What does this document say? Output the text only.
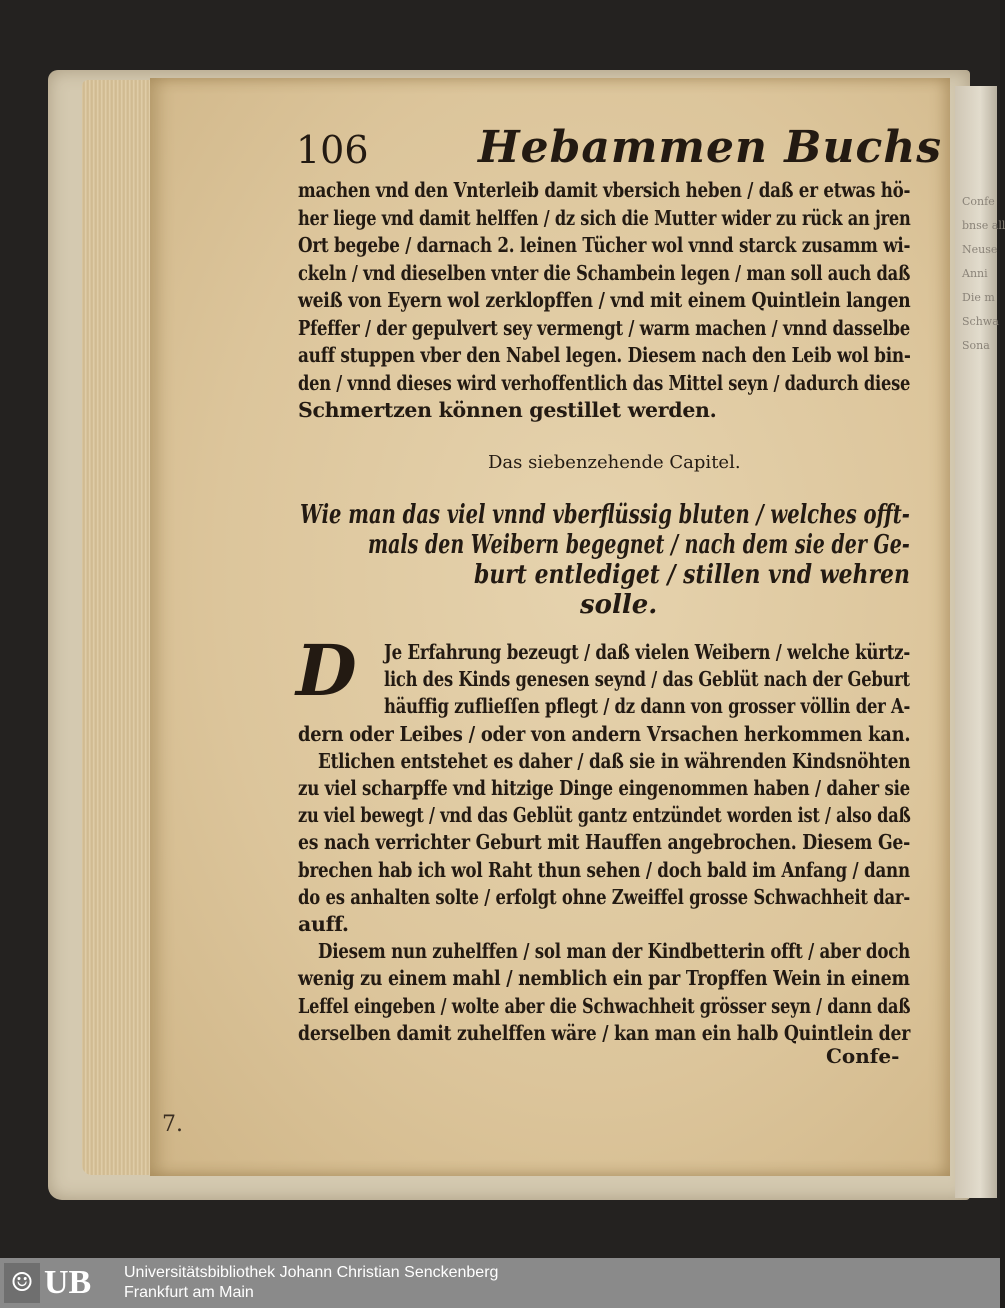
Confe
bnse all
Neuse
Anni
Die m
Schwa
Sona
106 Hebammen Buchs
machen vnd den Vnterleib damit vbersich heben / daß er etwas hö-
her liege vnd damit helffen / dz sich die Mutter wider zu rück an jren
Ort begebe / darnach 2. leinen Tücher wol vnnd starck zusamm wi-
ckeln / vnd dieselben vnter die Schambein legen / man soll auch daß
weiß von Eyern wol zerklopffen / vnd mit einem Quintlein langen
Pfeffer / der gepulvert sey vermengt / warm machen / vnnd dasselbe
auff stuppen vber den Nabel legen. Diesem nach den Leib wol bin-
den / vnnd dieses wird verhoffentlich das Mittel seyn / dadurch diese
Schmertzen können gestillet werden.
Das siebenzehende Capitel.
Wie man das viel vnnd vberflüssig bluten / welches offt-
mals den Weibern begegnet / nach dem sie der Ge-
burt entlediget / stillen vnd wehren
solle.
D	Je Erfahrung bezeugt / daß vielen Weibern / welche kürtz-
lich des Kinds genesen seynd / das Geblüt nach der Geburt
häuffig zuflieſſen pflegt / dz dann von grosser völlin der A-
dern oder Leibes / oder von andern Vrsachen herkommen kan.
Etlichen entstehet es daher / daß sie in währenden Kindsnöhten
zu viel scharpffe vnd hitzige Dinge eingenommen haben / daher sie
zu viel bewegt / vnd das Geblüt gantz entzündet worden ist / also daß
es nach verrichter Geburt mit Hauffen angebrochen. Diesem Ge-
brechen hab ich wol Raht thun sehen / doch bald im Anfang / dann
do es anhalten solte / erfolgt ohne Zweiffel grosse Schwachheit dar-
auff.
Diesem nun zuhelffen / sol man der Kindbetterin offt / aber doch
wenig zu einem mahl / nemblich ein par Tropffen Wein in einem
Leffel eingeben / wolte aber die Schwachheit grösser seyn / dann daß
derselben damit zuhelffen wäre / kan man ein halb Quintlein der
Confe-
7.
☺ UB Universitätsbibliothek Johann Christian Senckenberg
Frankfurt am Main
